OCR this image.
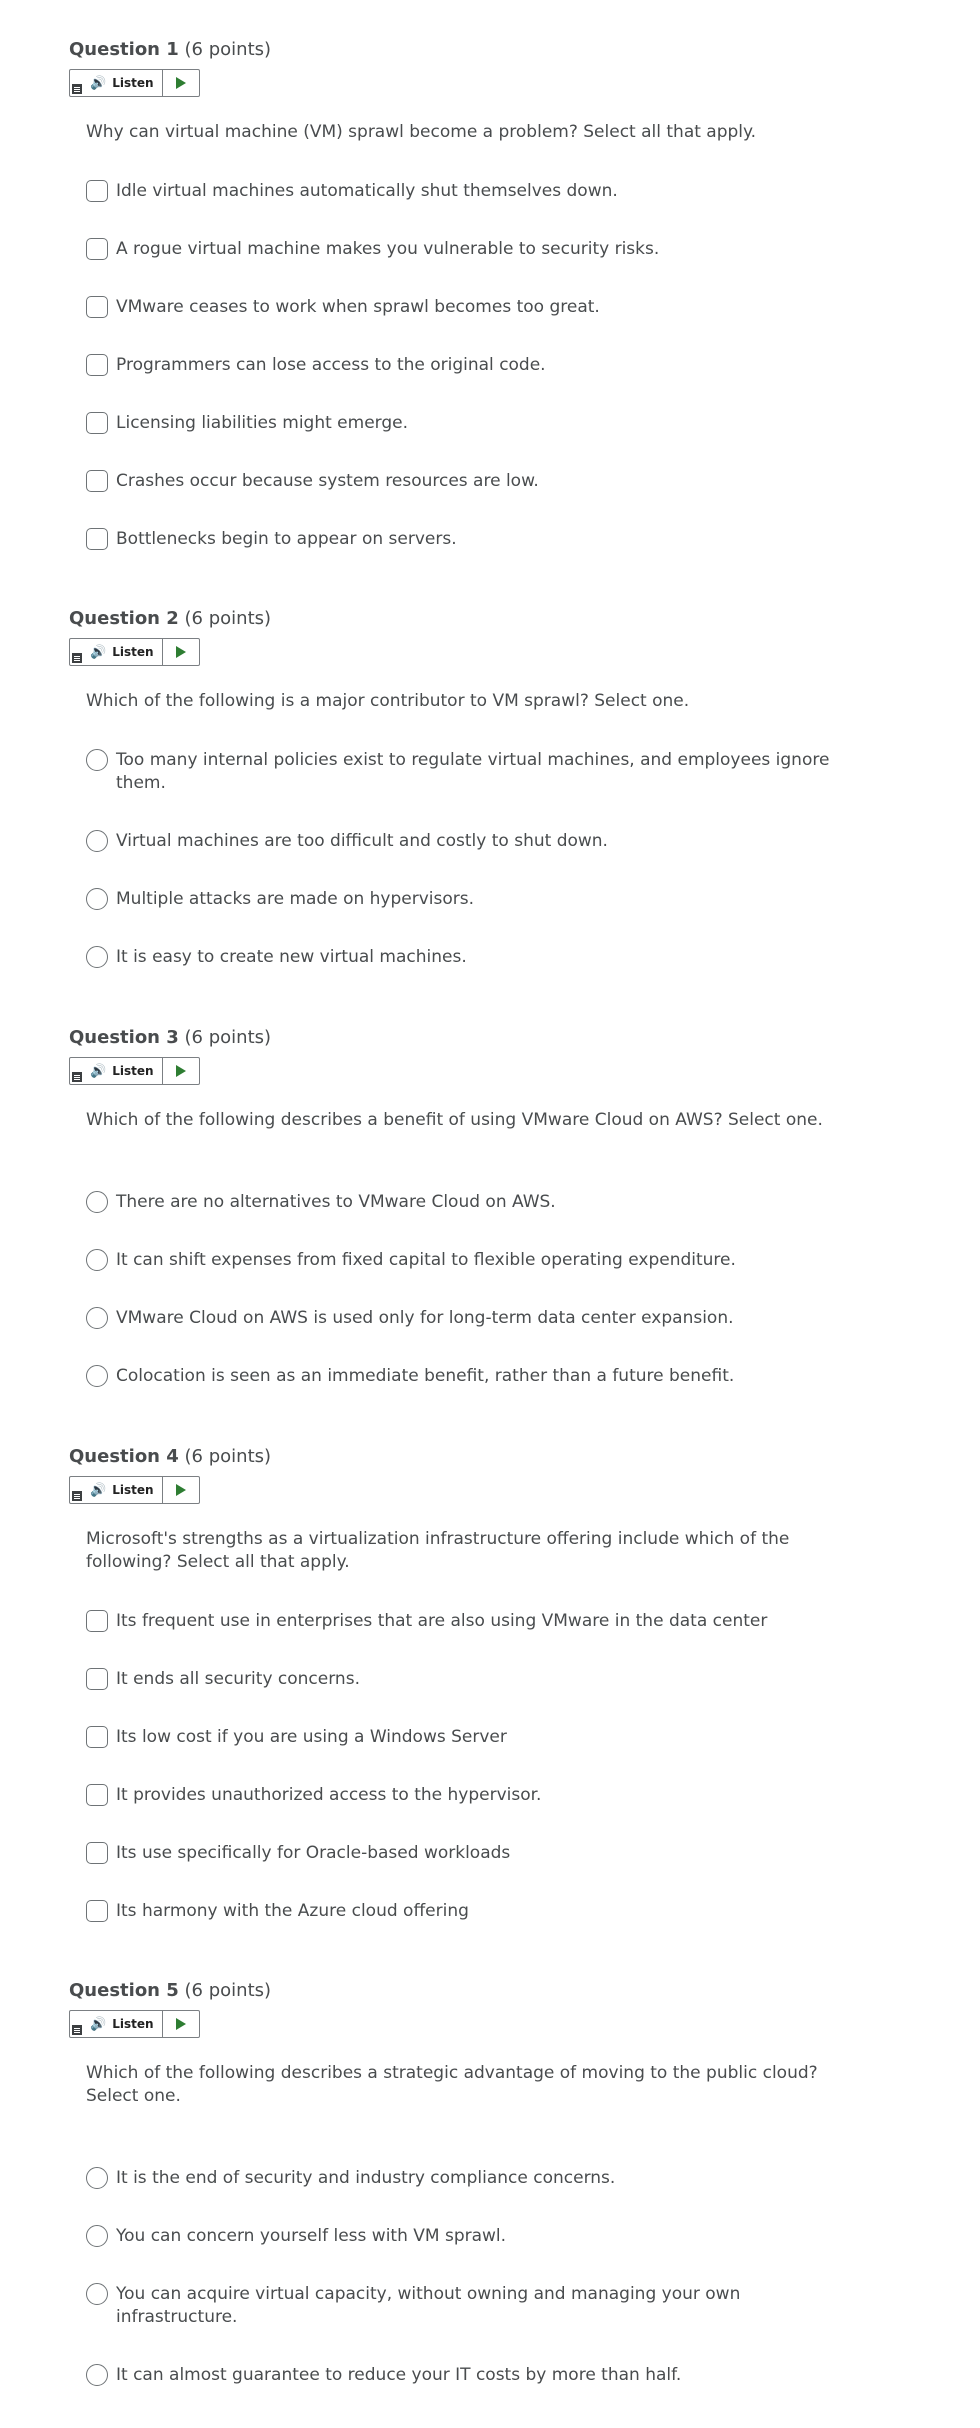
Question 1 (6 points)

🔊 Listen

Why can virtual machine (VM) sprawl become a problem? Select all that apply.

Idle virtual machines automatically shut themselves down.
A rogue virtual machine makes you vulnerable to security risks.
VMware ceases to work when sprawl becomes too great.
Programmers can lose access to the original code.
Licensing liabilities might emerge.
Crashes occur because system resources are low.
Bottlenecks begin to appear on servers.

Question 2 (6 points)

🔊 Listen

Which of the following is a major contributor to VM sprawl? Select one.

Too many internal policies exist to regulate virtual machines, and employees ignore them.
Virtual machines are too difficult and costly to shut down.
Multiple attacks are made on hypervisors.
It is easy to create new virtual machines.

Question 3 (6 points)

🔊 Listen

Which of the following describes a benefit of using VMware Cloud on AWS? Select one.

There are no alternatives to VMware Cloud on AWS.
It can shift expenses from fixed capital to flexible operating expenditure.
VMware Cloud on AWS is used only for long-term data center expansion.
Colocation is seen as an immediate benefit, rather than a future benefit.

Question 4 (6 points)

🔊 Listen

Microsoft's strengths as a virtualization infrastructure offering include which of the following? Select all that apply.

Its frequent use in enterprises that are also using VMware in the data center
It ends all security concerns.
Its low cost if you are using a Windows Server
It provides unauthorized access to the hypervisor.
Its use specifically for Oracle-based workloads
Its harmony with the Azure cloud offering

Question 5 (6 points)

🔊 Listen

Which of the following describes a strategic advantage of moving to the public cloud?
Select one.

It is the end of security and industry compliance concerns.
You can concern yourself less with VM sprawl.
You can acquire virtual capacity, without owning and managing your own infrastructure.
It can almost guarantee to reduce your IT costs by more than half.
